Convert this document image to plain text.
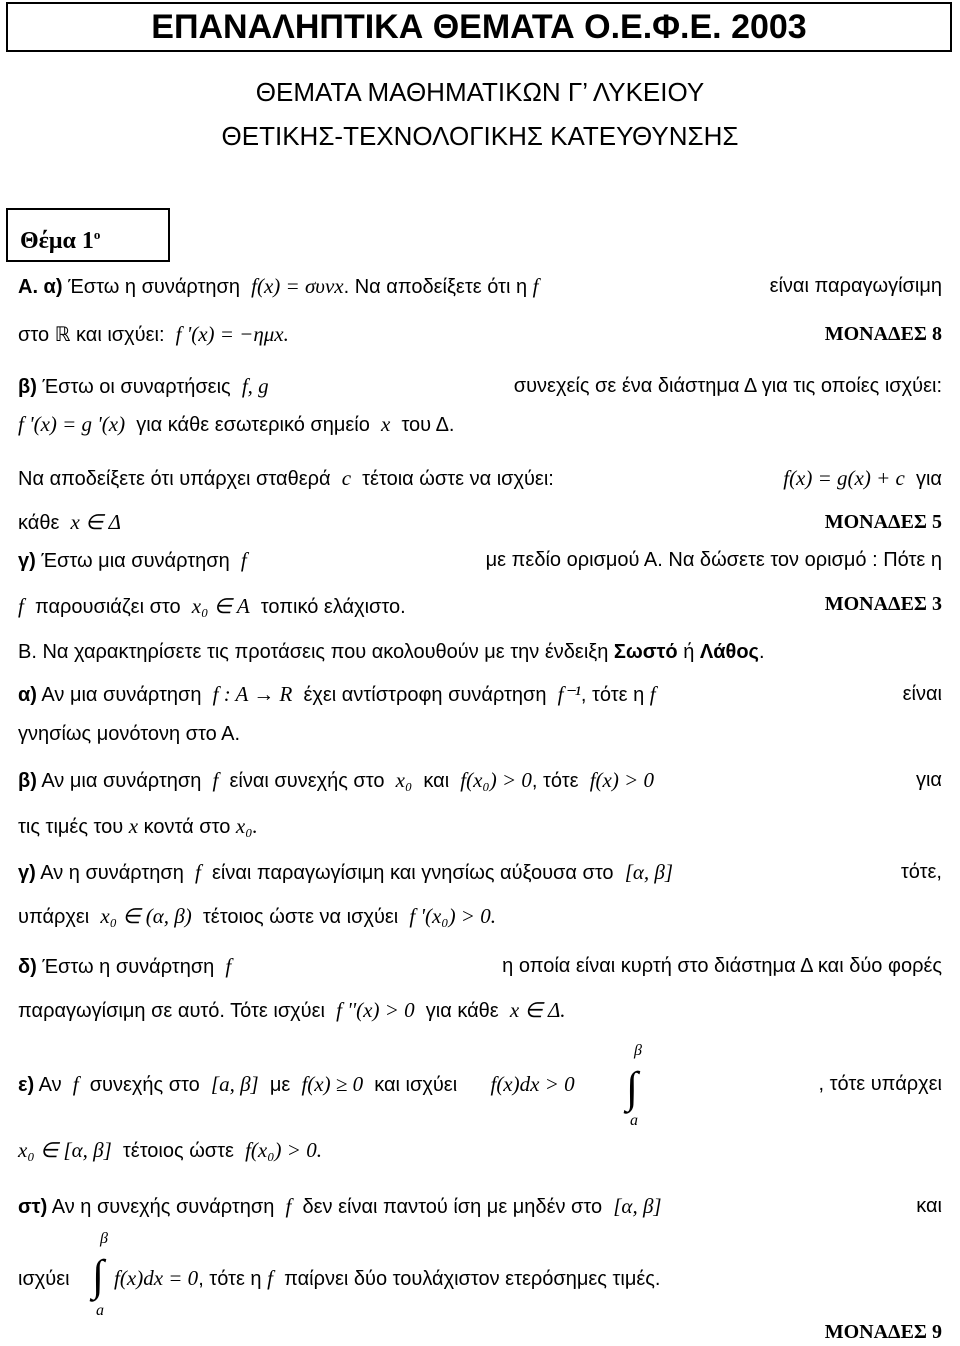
ΕΠΑΝΑΛΗΠΤΙΚΑ ΘΕΜΑΤΑ Ο.Ε.Φ.Ε. 2003
ΘΕΜΑΤΑ ΜΑΘΗΜΑΤΙΚΩΝ Γ’ ΛΥΚΕΙΟΥ
ΘΕΤΙΚΗΣ-ΤΕΧΝΟΛΟΓΙΚΗΣ ΚΑΤΕΥΘΥΝΣΗΣ
Θέμα $1^o$
Α. α) Έστω η συνάρτηση f(x) = συνx. Να αποδείξετε ότι η f	είναι παραγωγίσιμη
στο ℝ και ισχύει: f '(x) = −ημx.	ΜΟΝΑΔΕΣ 8
β) Έστω οι συναρτήσεις f, g	συνεχείς σε ένα διάστημα Δ για τις οποίες ισχύει:
f '(x) = g '(x) για κάθε εσωτερικό σημείο x του Δ.
Να αποδείξετε ότι υπάρχει σταθερά c τέτοια ώστε να ισχύει:	f(x) = g(x) + c για
κάθε x ∈ Δ	ΜΟΝΑΔΕΣ 5
γ) Έστω μια συνάρτηση f	με πεδίο ορισμού Α. Να δώσετε τον ορισμό : Πότε η
f παρουσιάζει στο x₀ ∈ A τοπικό ελάχιστο.	ΜΟΝΑΔΕΣ 3
Β. Να χαρακτηρίσετε τις προτάσεις που ακολουθούν με την ένδειξη Σωστό ή Λάθος.
α) Αν μια συνάρτηση f : A → R έχει αντίστροφη συνάρτηση f⁻¹, τότε η f	είναι
γνησίως μονότονη στο Α.
β) Αν μια συνάρτηση f είναι συνεχής στο x₀ και f(x₀) > 0, τότε f(x) > 0	για
τις τιμές του x κοντά στο x₀.
γ) Αν η συνάρτηση f είναι παραγωγίσιμη και γνησίως αύξουσα στο [α, β]	τότε,
υπάρχει x₀ ∈ (α, β) τέτοιος ώστε να ισχύει f '(x₀) > 0.
δ) Έστω η συνάρτηση f	η οποία είναι κυρτή στο διάστημα Δ και δύο φορές
παραγωγίσιμη σε αυτό. Τότε ισχύει f ''(x) > 0 για κάθε x ∈ Δ.
ε) Αν f συνεχής στο [a, β] με f(x) ≥ 0 και ισχύει f(x)dx > 0	, τότε υπάρχει
β
∫
a
x₀ ∈ [α, β] τέτοιος ώστε f(x₀) > 0.
στ) Αν η συνεχής συνάρτηση f δεν είναι παντού ίση με μηδέν στο [α, β]	και
ισχύει f(x)dx = 0, τότε η f παίρνει δύο τουλάχιστον ετερόσημες τιμές.
β
∫
a
ΜΟΝΑΔΕΣ 9
